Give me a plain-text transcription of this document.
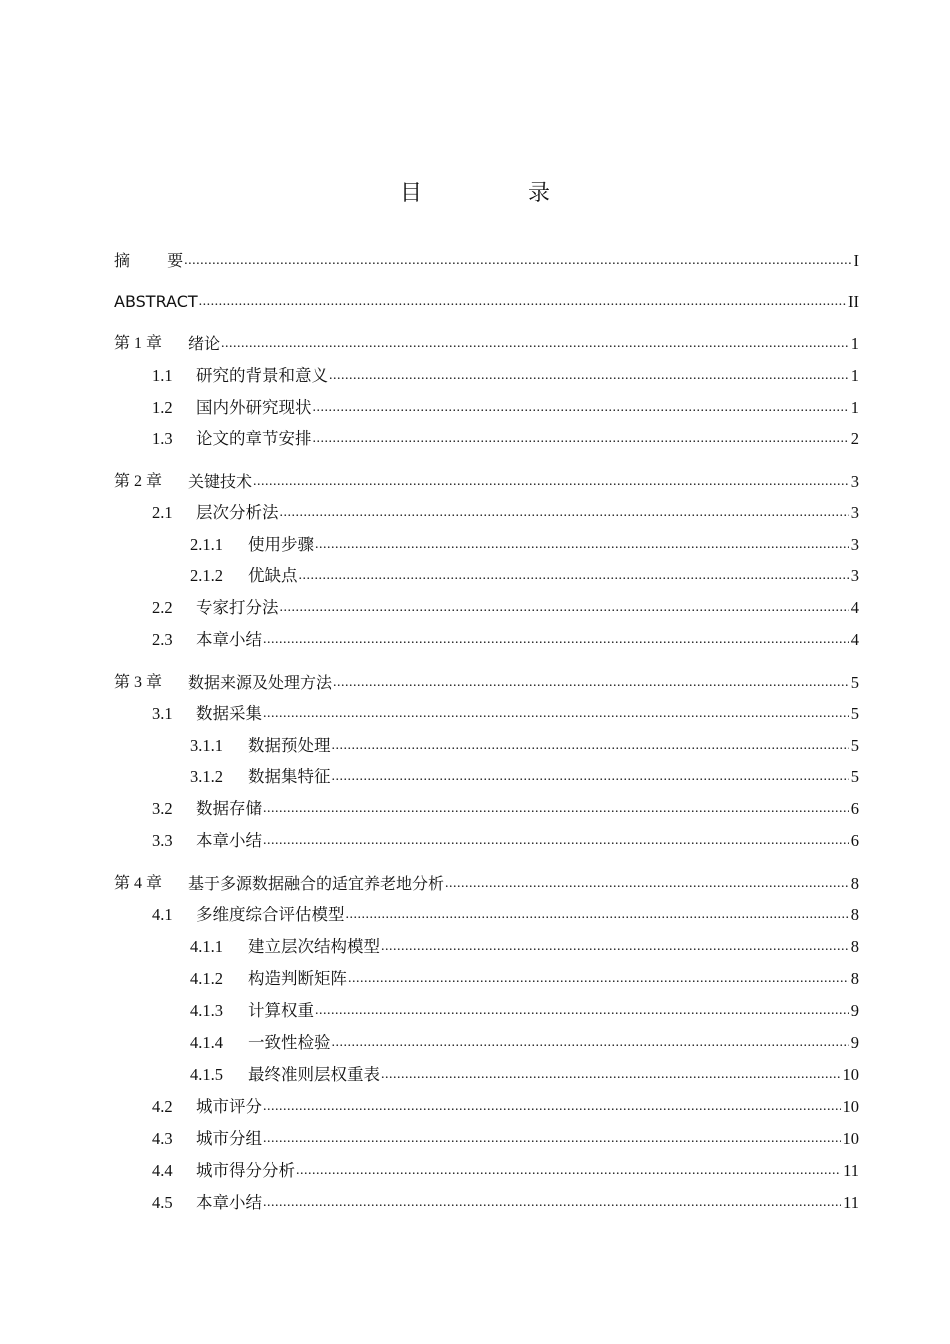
目　录
摘　　 要 .....	I
ABSTRACT .....	II
第 1 章	绪论 .....	1
1.1	研究的背景和意义 .....	1
1.2	国内外研究现状 .....	1
1.3	论文的章节安排 .....	2
第 2 章	关键技术 .....	3
2.1	层次分析法 .....	3
2.1.1	使用步骤 .....	3
2.1.2	优缺点 .....	3
2.2	专家打分法 .....	4
2.3	本章小结 .....	4
第 3 章	数据来源及处理方法 .....	5
3.1	数据采集 .....	5
3.1.1	数据预处理 .....	5
3.1.2	数据集特征 .....	5
3.2	数据存储 .....	6
3.3	本章小结 .....	6
第 4 章	基于多源数据融合的适宜养老地分析 .....	8
4.1	多维度综合评估模型 .....	8
4.1.1	建立层次结构模型 .....	8
4.1.2	构造判断矩阵 .....	8
4.1.3	计算权重 .....	9
4.1.4	一致性检验 .....	9
4.1.5	最终准则层权重表 .....	10
4.2	城市评分 .....	10
4.3	城市分组 .....	10
4.4	城市得分分析 .....	11
4.5	本章小结 .....	11
